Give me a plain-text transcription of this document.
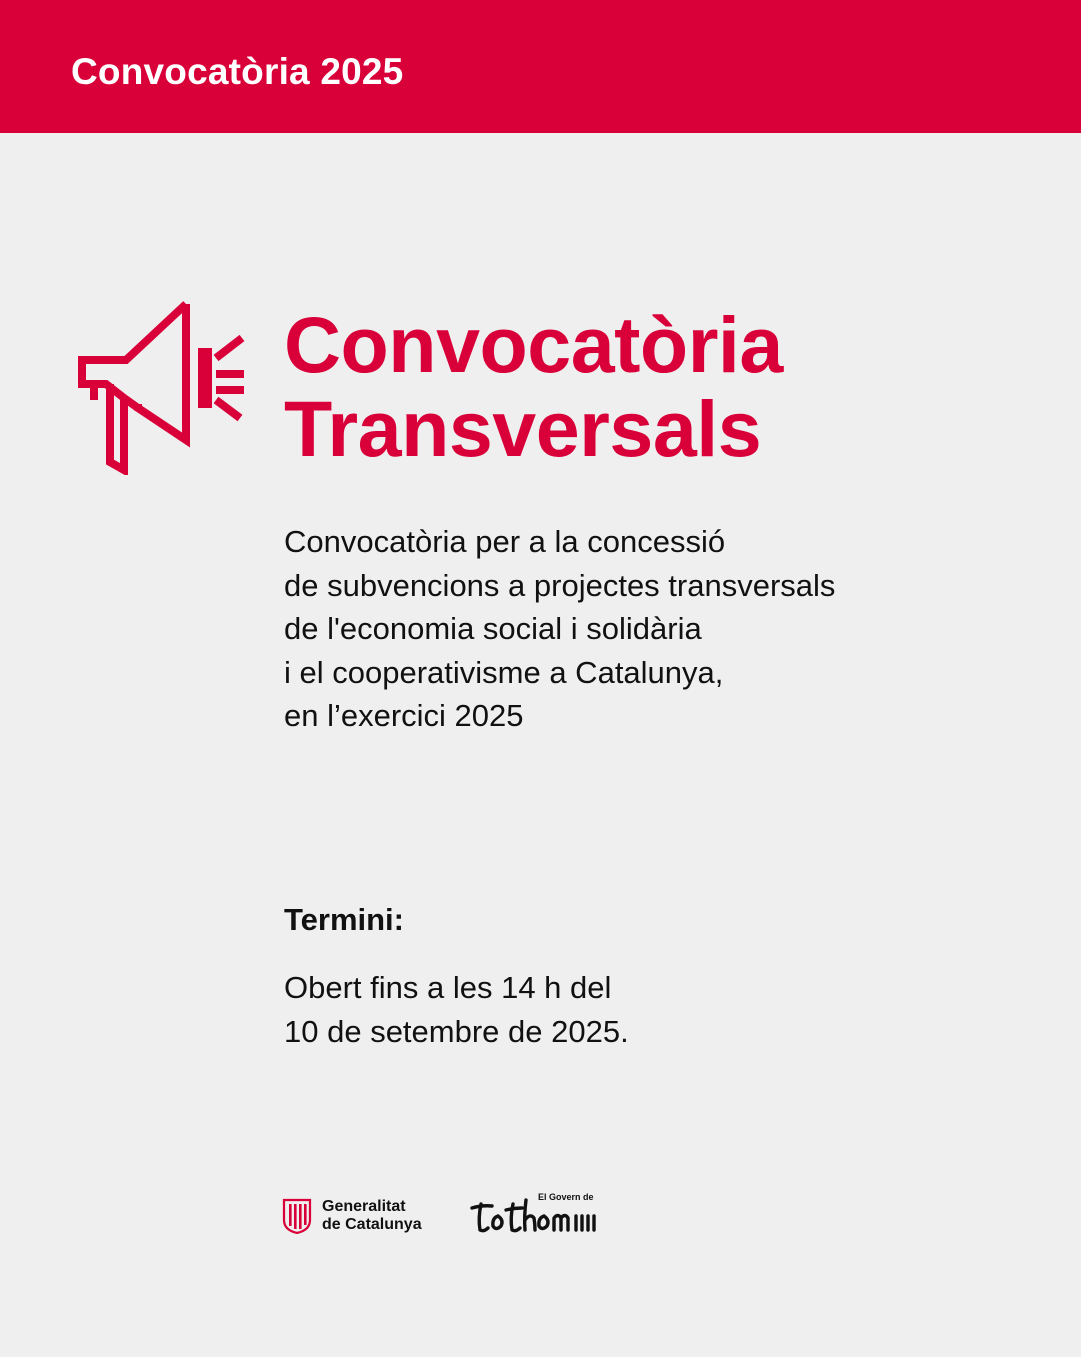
Convocatòria 2025
Convocatòria
Transversals
Convocatòria per a la concessió
de subvencions a projectes transversals
de l'economia social i solidària
i el cooperativisme a Catalunya,
en l’exercici 2025
Termini:
Obert fins a les 14 h del
10 de setembre de 2025.
Generalitat
de Catalunya
El Govern de
